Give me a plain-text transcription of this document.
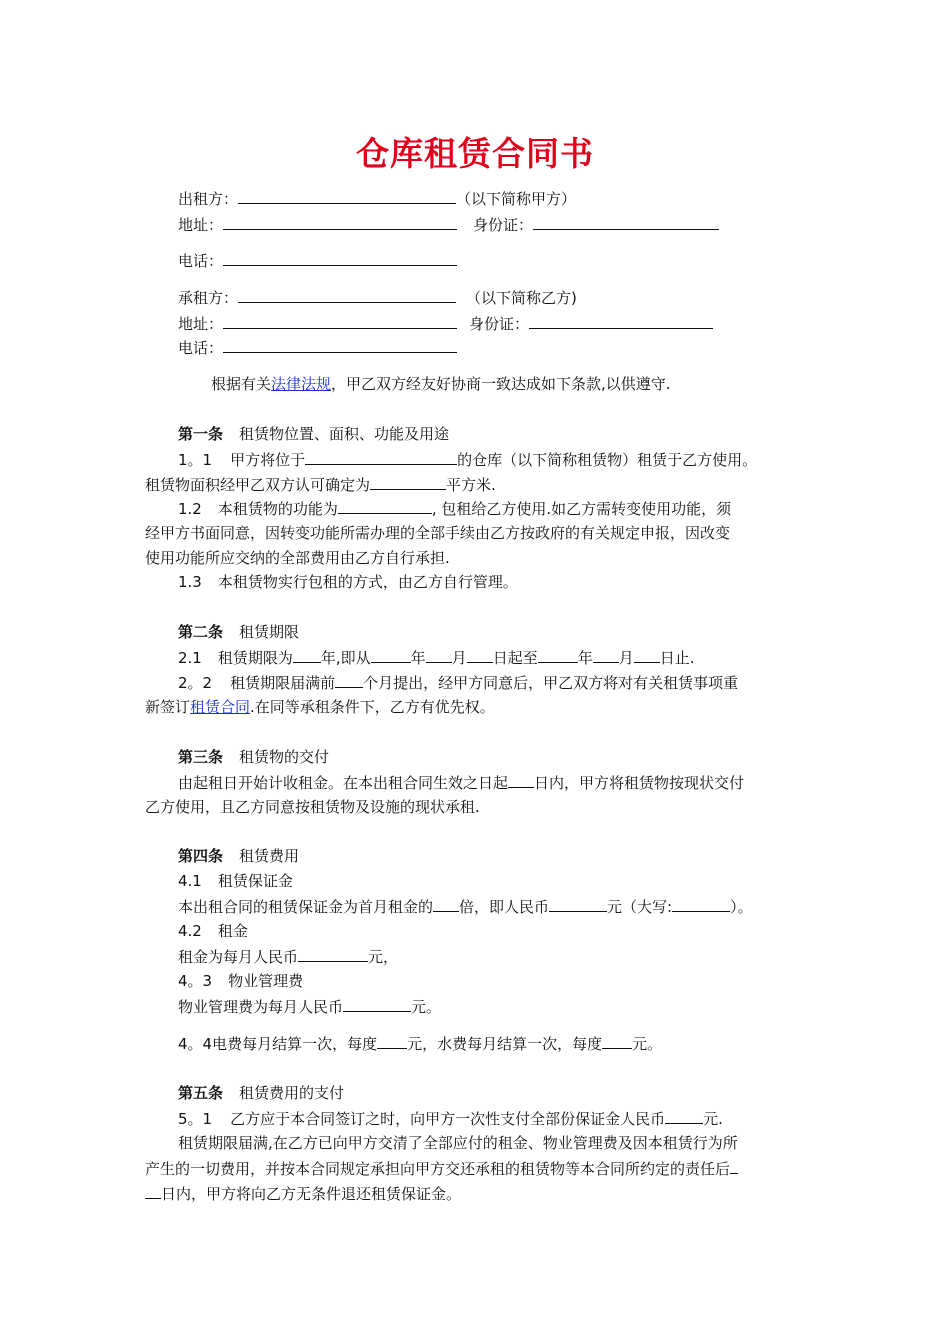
仓库租赁合同书
出租方：	（以下简称甲方）
地址：	身份证：
电话：
承租方：	（以下简称乙方)
地址：	身份证：
电话：
根据有关法律法规，甲乙双方经友好协商一致达成如下条款,以供遵守.
第一条 租赁物位置、面积、功能及用途
1。1 甲方将位于	的仓库（以下简称租赁物）租赁于乙方使用。
租赁物面积经甲乙双方认可确定为	平方米.
1.2 本租赁物的功能为	, 包租给乙方使用.如乙方需转变使用功能，须
经甲方书面同意，因转变功能所需办理的全部手续由乙方按政府的有关规定申报，因改变
使用功能所应交纳的全部费用由乙方自行承担.
1.3 本租赁物实行包租的方式，由乙方自行管理。
第二条 租赁期限
2.1 租赁期限为 年,即从	年 月 日起至	年 月 日止.
2。2 租赁期限届满前 个月提出，经甲方同意后，甲乙双方将对有关租赁事项重
新签订租赁合同.在同等承租条件下，乙方有优先权。
第三条 租赁物的交付
由起租日开始计收租金。在本出租合同生效之日起 日内，甲方将租赁物按现状交付
乙方使用，且乙方同意按租赁物及设施的现状承租.
第四条 租赁费用
4.1 租赁保证金
本出租合同的租赁保证金为首月租金的 倍，即人民币	元（大写:	）。
4.2 租金
租金为每月人民币	元，
4。3 物业管理费
物业管理费为每月人民币	元。
4。4电费每月结算一次，每度 元，水费每月结算一次，每度 元。
第五条 租赁费用的支付
5。1 乙方应于本合同签订之时，向甲方一次性支付全部份保证金人民币	元.
租赁期限届满,在乙方已向甲方交清了全部应付的租金、物业管理费及因本租赁行为所
产生的一切费用，并按本合同规定承担向甲方交还承租的租赁物等本合同所约定的责任后
日内，甲方将向乙方无条件退还租赁保证金。
